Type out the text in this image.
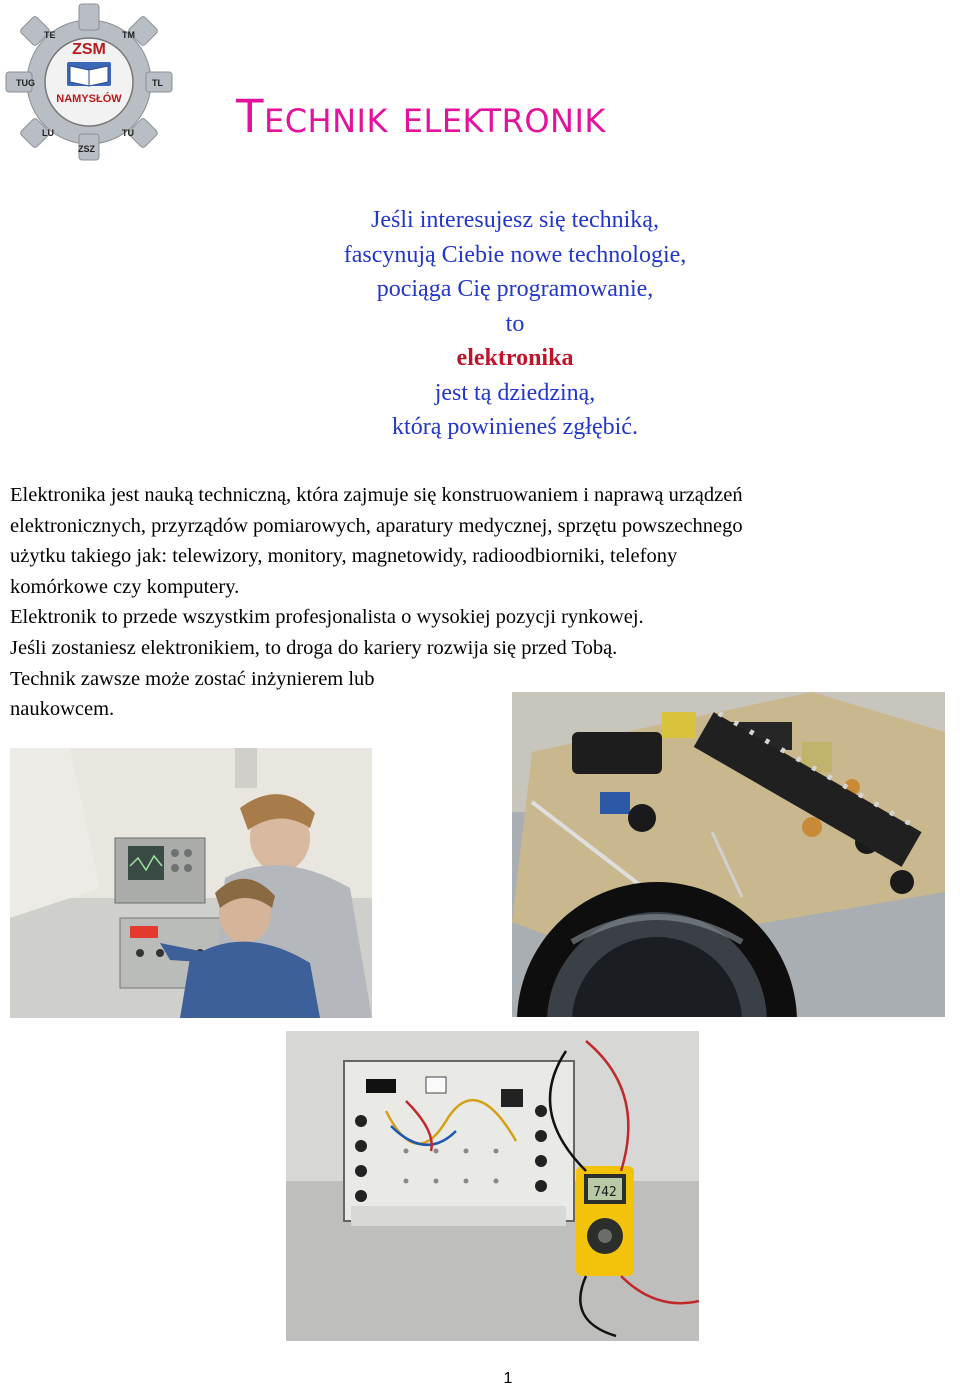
ZSM
NAMYSŁÓW
TE	TM
TUG	TL
LU
ZSZ
TU Technik elektronik
Jeśli interesujesz się techniką,
fascynują Ciebie nowe technologie,
pociąga Cię programowanie,
to
elektronika
jest tą dziedziną,
którą powinieneś zgłębić.

Elektronika jest nauką techniczną, która zajmuje się konstruowaniem i naprawą urządzeń

elektronicznych, przyrządów pomiarowych, aparatury medycznej, sprzętu powszechnego

użytku takiego jak: telewizory, monitory, magnetowidy, radioodbiorniki, telefony

komórkowe czy komputery.

Elektronik to przede wszystkim profesjonalista o wysokiej pozycji rynkowej.

Jeśli zostaniesz elektronikiem, to droga do kariery rozwija się przed Tobą.

Technik zawsze może zostać inżynierem lub

naukowcem.

742
1
